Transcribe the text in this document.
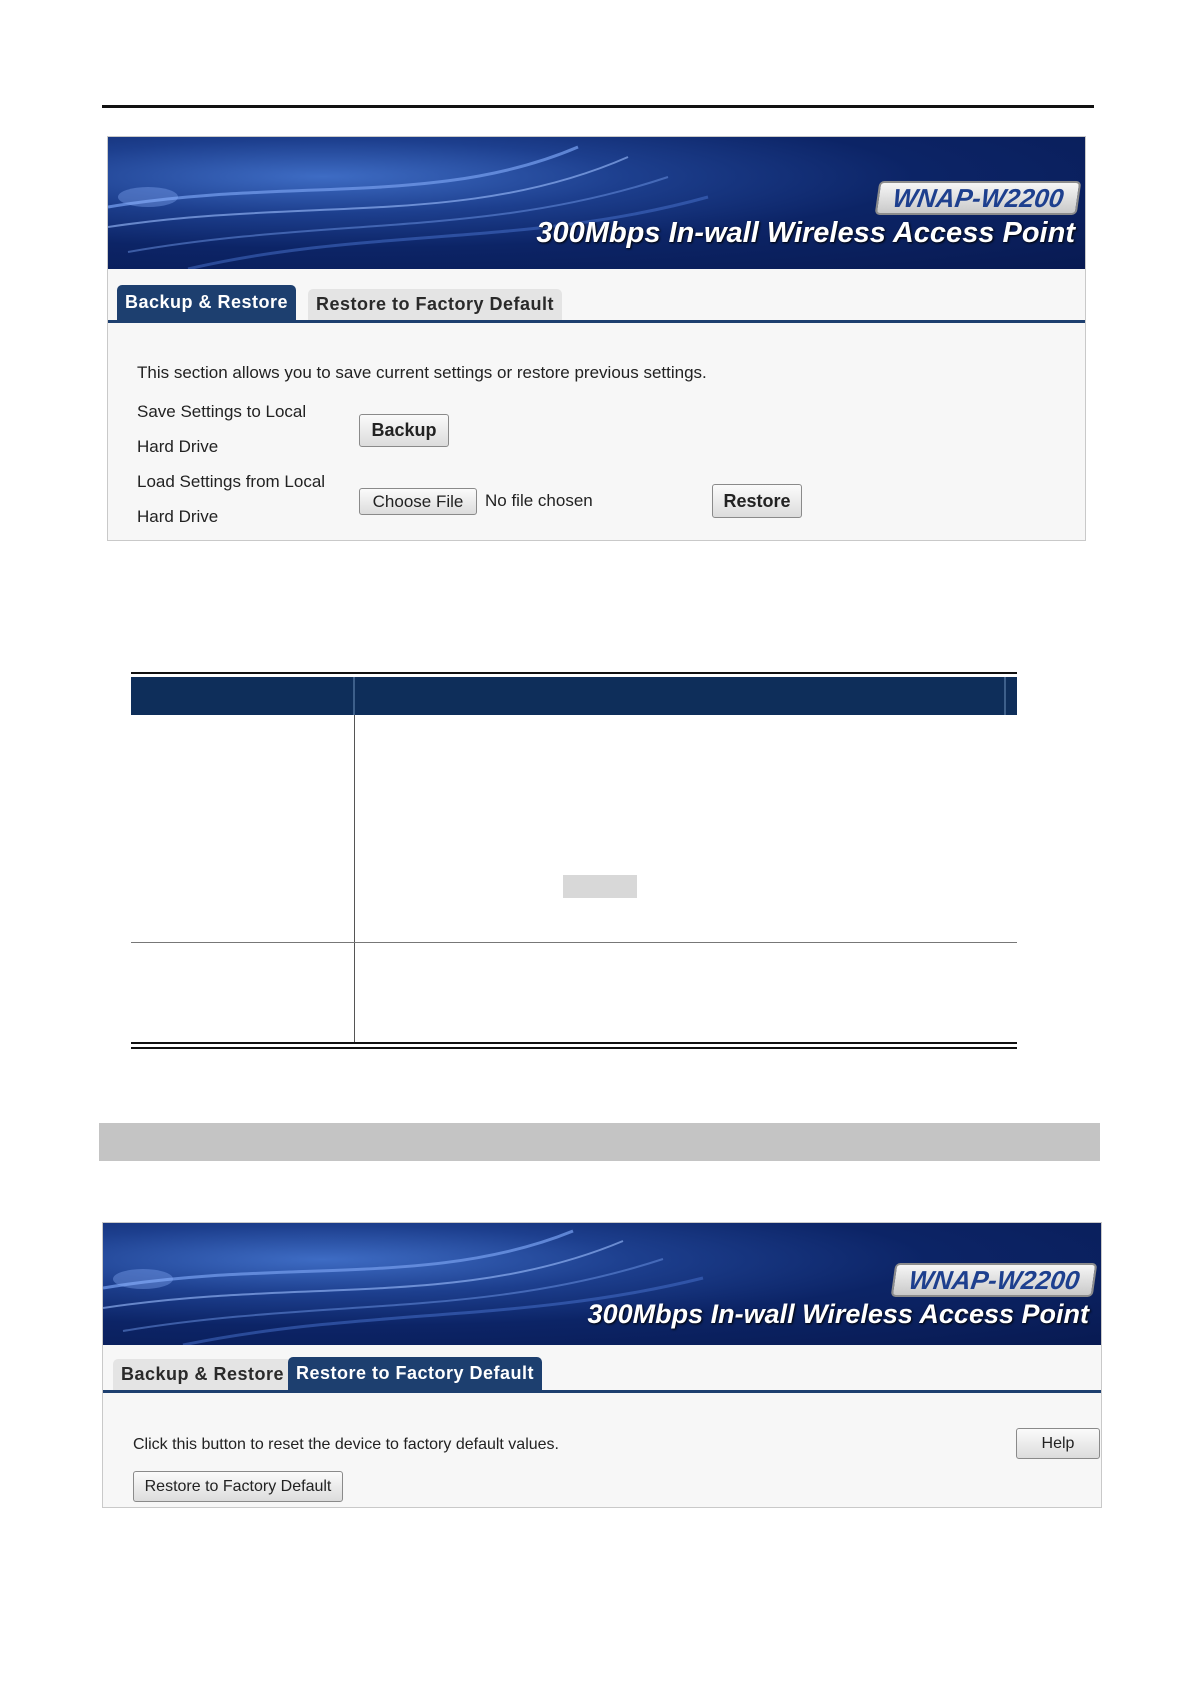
WNAP-W2200
300Mbps In-wall Wireless Access Point
Backup & Restore	Restore to Factory Default
This section allows you to save current settings or restore previous settings.
Save Settings to Local
Hard Drive
Backup
Load Settings from Local
Hard Drive
Choose File	No file chosen	Restore
WNAP-W2200
300Mbps In-wall Wireless Access Point
Backup & Restore Restore to Factory Default
Click this button to reset the device to factory default values.
Restore to Factory Default
Help
